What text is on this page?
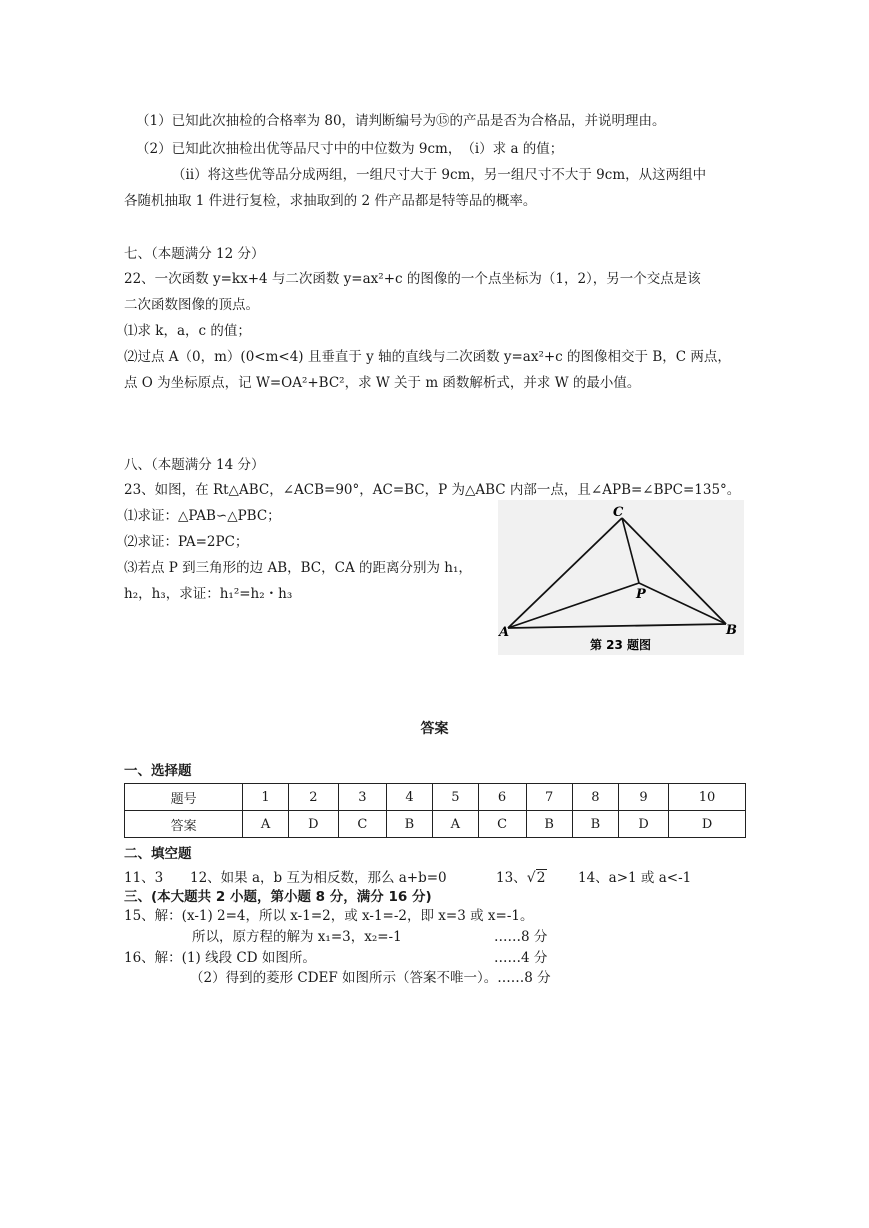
（1）已知此次抽检的合格率为 80，请判断编号为⑮的产品是否为合格品，并说明理由。
（2）已知此次抽检出优等品尺寸中的中位数为 9cm，　（ⅰ）求 a 的值；
（ⅱ）将这些优等品分成两组，一组尺寸大于 9cm，另一组尺寸不大于 9cm，从这两组中
各随机抽取 1 件进行复检，求抽取到的 2 件产品都是特等品的概率。
七、（本题满分 12 分）
22、一次函数 y=kx+4 与二次函数 y=ax²+c 的图像的一个点坐标为（1，2），另一个交点是该
二次函数图像的顶点。
⑴求 k，a，c 的值；
⑵过点 A（0，m）(0<m<4) 且垂直于 y 轴的直线与二次函数 y=ax²+c 的图像相交于 B，C 两点，
点 O 为坐标原点，记 W=OA²+BC²，求 W 关于 m 函数解析式，并求 W 的最小值。
八、（本题满分 14 分）
23、如图，在 Rt△ABC，∠ACB=90°，AC=BC，P 为△ABC 内部一点，且∠APB=∠BPC=135°。
⑴求证：△PAB∽△PBC；
⑵求证：PA=2PC；
⑶若点 P 到三角形的边 AB，BC，CA 的距离分别为 h₁，
h₂，h₃，求证：h₁²=h₂・h₃
C
P
A	B
第 23 题图
答案
一、选择题
题号	1	2	3	4	5	6	7	8	9	10
答案	A	D	C	B	A	C	B	B	D	D
二、填空题
11、3 12、如果 a，b 互为相反数，那么 a+b=0	13、√2 14、a>1 或 a<-1
三、(本大题共 2 小题，第小题 8 分，满分 16 分)
15、解：(x-1) 2=4，所以 x-1=2，或 x-1=-2，即 x=3 或 x=-1。
所以，原方程的解为 x₁=3，x₂=-1	……8 分
16、解：(1) 线段 CD 如图所。	……4 分
（2）得到的菱形 CDEF 如图所示（答案不唯一）。……8 分
